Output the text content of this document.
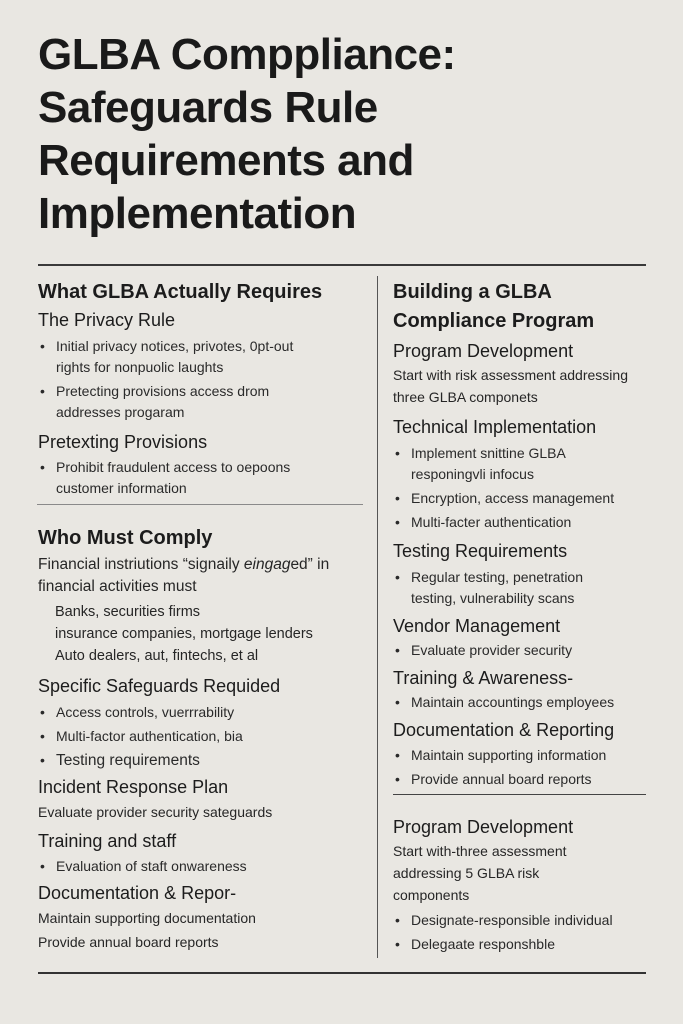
GLBA Comppliance: Safeguards Rule Requirements and Implementation
What GLBA Actually Requires
The Privacy Rule
• Initial privacy notices, privotes, 0pt-out rights for nonpuolic laughts
• Pretecting provisions access drom addresses progaram
Pretexting Provisions
• Prohibit fraudulent access to oepoons customer information
Who Must Comply

Financial instriutions “signaily eingaged” in financial activities must

Banks, securities firms
insurance companies, mortgage lenders
Auto dealers, aut, fintechs, et al
Specific Safeguards Requided
• Access controls, vuerrrability
• Multi-factor authentication, bia
• Testing requirements
Incident Response Plan

Evaluate provider security sateguards

Training and staff
• Evaluation of staft onwareness
Documentation & Repor-

Maintain supporting documentation

Provide annual board reports

Building a GLBA Compliance Program
Program Development

Start with risk assessment addressing three GLBA componets

Technical Implementation
• Implement snittine GLBA responingvli infocus
• Encryption, access management
• Multi-facter authentication
Testing Requirements
• Regular testing, penetration testing, vulnerability scans
Vendor Management
• Evaluate provider security
Training & Awareness-
• Maintain accountings employees
Documentation & Reporting
• Maintain supporting information
• Provide annual board reports
Program Development

Start with-three assessment addressing 5 GLBA risk components

• Designate-responsible individual
• Delegaate responshble
